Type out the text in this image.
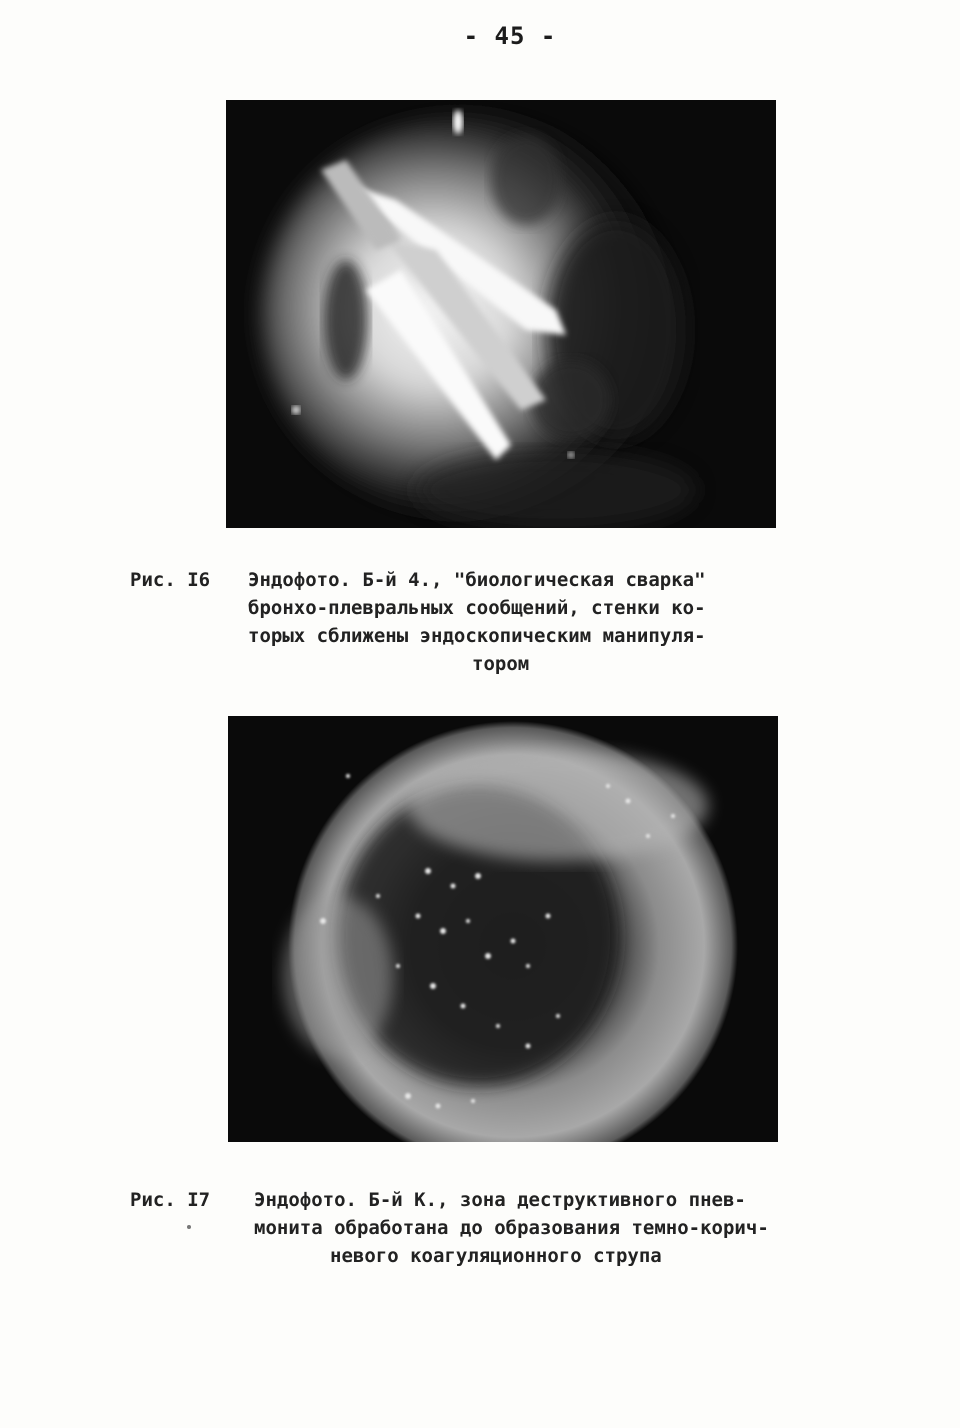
- 45 -
Рис. I6 Эндофото. Б-й 4., "биологическая сварка"
бронхо-плевральных сообщений, стенки ко-
торых сближены эндоскопическим манипуля-
тором
Рис. I7 Эндофото. Б-й К., зона деструктивного пнев-
монита обработана до образования темно-корич-
невого коагуляционного струпа
